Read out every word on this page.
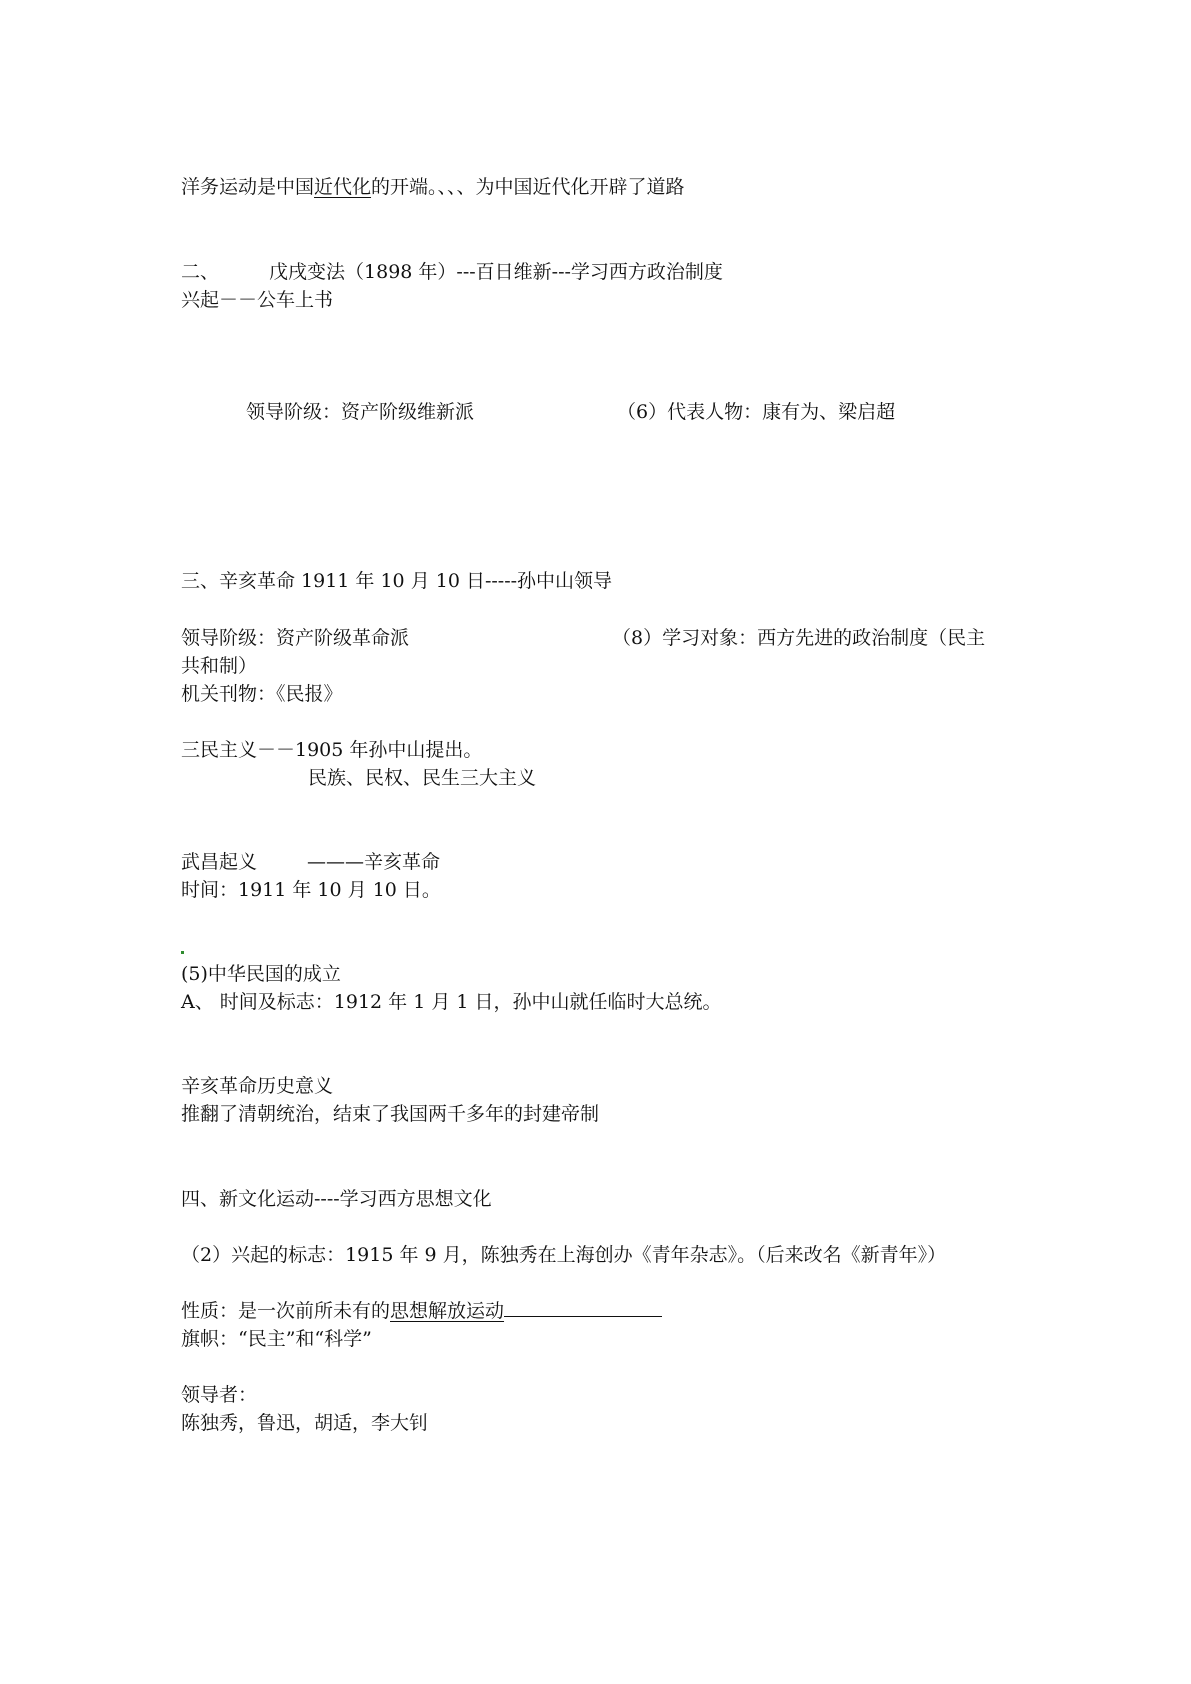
洋务运动是中国近代化的开端。、、、为中国近代化开辟了道路
二、	戊戌变法（1898 年）---百日维新---学习西方政治制度
兴起－－公车上书
领导阶级：资产阶级维新派	（6）代表人物：康有为、梁启超
三、辛亥革命 1911 年 10 月 10 日-----孙中山领导
领导阶级：资产阶级革命派	（8）学习对象：西方先进的政治制度（民主
共和制）
机关刊物：《民报》
三民主义－－1905 年孙中山提出。
民族、民权、民生三大主义
武昌起义	———辛亥革命
时间：1911 年 10 月 10 日。
(5)中华民国的成立
A、 时间及标志：1912 年 1 月 1 日，孙中山就任临时大总统。
辛亥革命历史意义
推翻了清朝统治，结束了我国两千多年的封建帝制
四、新文化运动----学习西方思想文化
（2）兴起的标志：1915 年 9 月，陈独秀在上海创办《青年杂志》。（后来改名《新青年》）
性质：是一次前所未有的思想解放运动
旗帜：“民主”和“科学”
领导者：
陈独秀，鲁迅，胡适，李大钊
